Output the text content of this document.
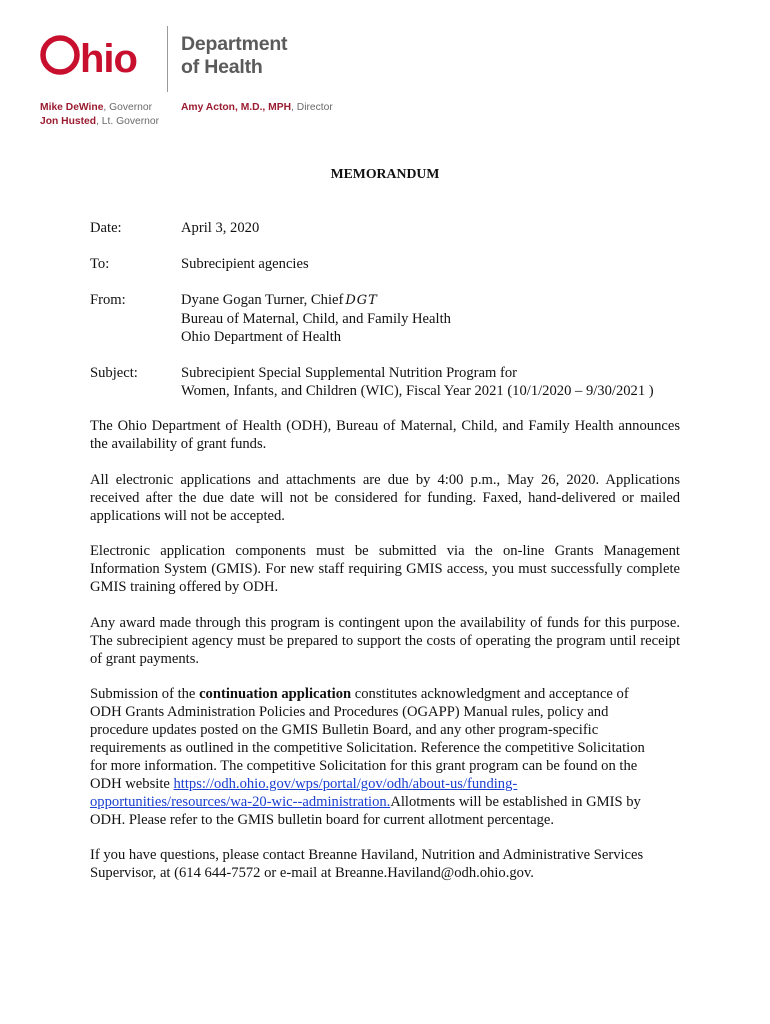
hio Department
of Health
Mike DeWine, Governor
Jon Husted, Lt. Governor
Amy Acton, M.D., MPH, Director
MEMORANDUM
Date:	April 3, 2020
To:	Subrecipient agencies
From:	Dyane Gogan Turner, Chief DGT
Bureau of Maternal, Child, and Family Health
Ohio Department of Health
Subject:	Subrecipient Special Supplemental Nutrition Program for
Women, Infants, and Children (WIC), Fiscal Year 2021 (10/1/2020 – 9/30/2021 )
The Ohio Department of Health (ODH), Bureau of Maternal, Child, and Family Health announces the availability of grant funds.
All electronic applications and attachments are due by 4:00 p.m., May 26, 2020. Applications received after the due date will not be considered for funding. Faxed, hand-delivered or mailed applications will not be accepted.
Electronic application components must be submitted via the on-line Grants Management Information System (GMIS). For new staff requiring GMIS access, you must successfully complete GMIS training offered by ODH.
Any award made through this program is contingent upon the availability of funds for this purpose. The subrecipient agency must be prepared to support the costs of operating the program until receipt of grant payments.
Submission of the continuation application constitutes acknowledgment and acceptance of
ODH Grants Administration Policies and Procedures (OGAPP) Manual rules, policy and
procedure updates posted on the GMIS Bulletin Board, and any other program-specific
requirements as outlined in the competitive Solicitation. Reference the competitive Solicitation
for more information. The competitive Solicitation for this grant program can be found on the
ODH website https://odh.ohio.gov/wps/portal/gov/odh/about-us/funding-
opportunities/resources/wa-20-wic--administration.Allotments will be established in GMIS by
ODH. Please refer to the GMIS bulletin board for current allotment percentage.
If you have questions, please contact Breanne Haviland, Nutrition and Administrative Services
Supervisor, at (614 644-7572 or e-mail at Breanne.Haviland@odh.ohio.gov.
